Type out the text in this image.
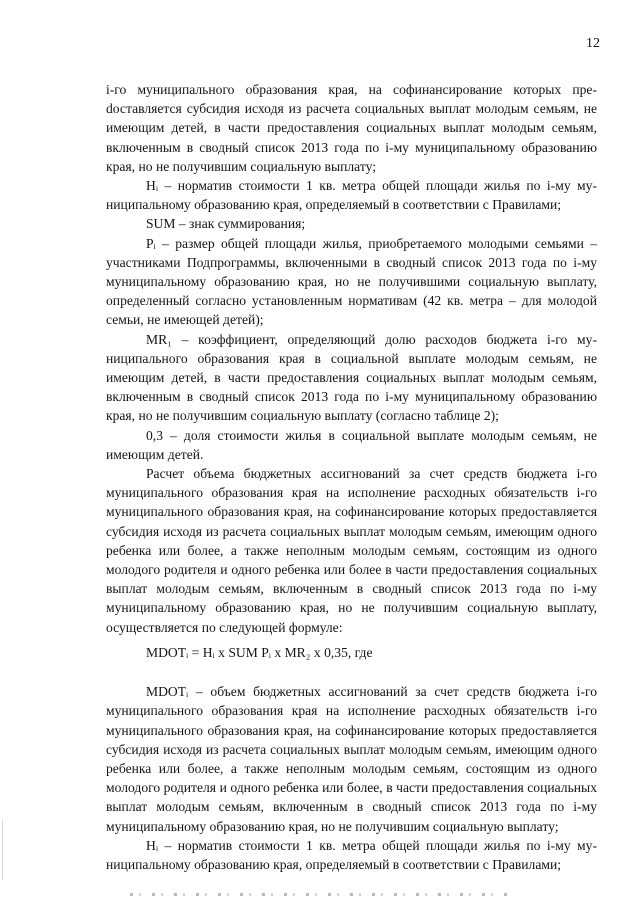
12

i-го муниципального образования края, на софинансирование которых преdоставляется субсидия исходя из расчета социальных выплат молодым семьям, не имеющим детей, в части предоставления социальных выплат молодым семьям, включенным в сводный список 2013 года по i-му муниципальному образованию края, но не получившим социальную выплату;

Нᵢ – норматив стоимости 1 кв. метра общей площади жилья по i-му муниципальному образованию края, определяемый в соответствии с Правилами;

SUM – знак суммирования;

Рᵢ – размер общей площади жилья, приобретаемого молодыми семьями – участниками Подпрограммы, включенными в сводный список 2013 года по i-му муниципальному образованию края, но не получившими социальную выплату, определенный согласно установленным нормативам (42 кв. метра – для молодой семьи, не имеющей детей);

MR₁ – коэффициент, определяющий долю расходов бюджета i-го муниципального образования края в социальной выплате молодым семьям, не имеющим детей, в части предоставления социальных выплат молодым семьям, включенным в сводный список 2013 года по i-му муниципальному образованию края, но не получившим социальную выплату (согласно таблице 2);

0,3 – доля стоимости жилья в социальной выплате молодым семьям, не имеющим детей.

Расчет объема бюджетных ассигнований за счет средств бюджета i-го муниципального образования края на исполнение расходных обязательств i-го муниципального образования края, на софинансирование которых предоставляется субсидия исходя из расчета социальных выплат молодым семьям, имеющим одного ребенка или более, а также неполным молодым семьям, состоящим из одного молодого родителя и одного ребенка или более в части предоставления социальных выплат молодым семьям, включенным в сводный список 2013 года по i-му муниципальному образованию края, но не получившим социальную выплату, осуществляется по следующей формуле:

MDOTᵢ = Нᵢ x SUM Рᵢ x MR₂ x 0,35, где

MDOTᵢ – объем бюджетных ассигнований за счет средств бюджета i-го муниципального образования края на исполнение расходных обязательств i-го муниципального образования края, на софинансирование которых предоставляется субсидия исходя из расчета социальных выплат молодым семьям, имеющим одного ребенка или более, а также неполным молодым семьям, состоящим из одного молодого родителя и одного ребенка или более, в части предоставления социальных выплат молодым семьям, включенным в сводный список 2013 года по i-му муниципальному образованию края, но не получившим социальную выплату;

Нᵢ – норматив стоимости 1 кв. метра общей площади жилья по i-му муниципальному образованию края, определяемый в соответствии с Правилами;
